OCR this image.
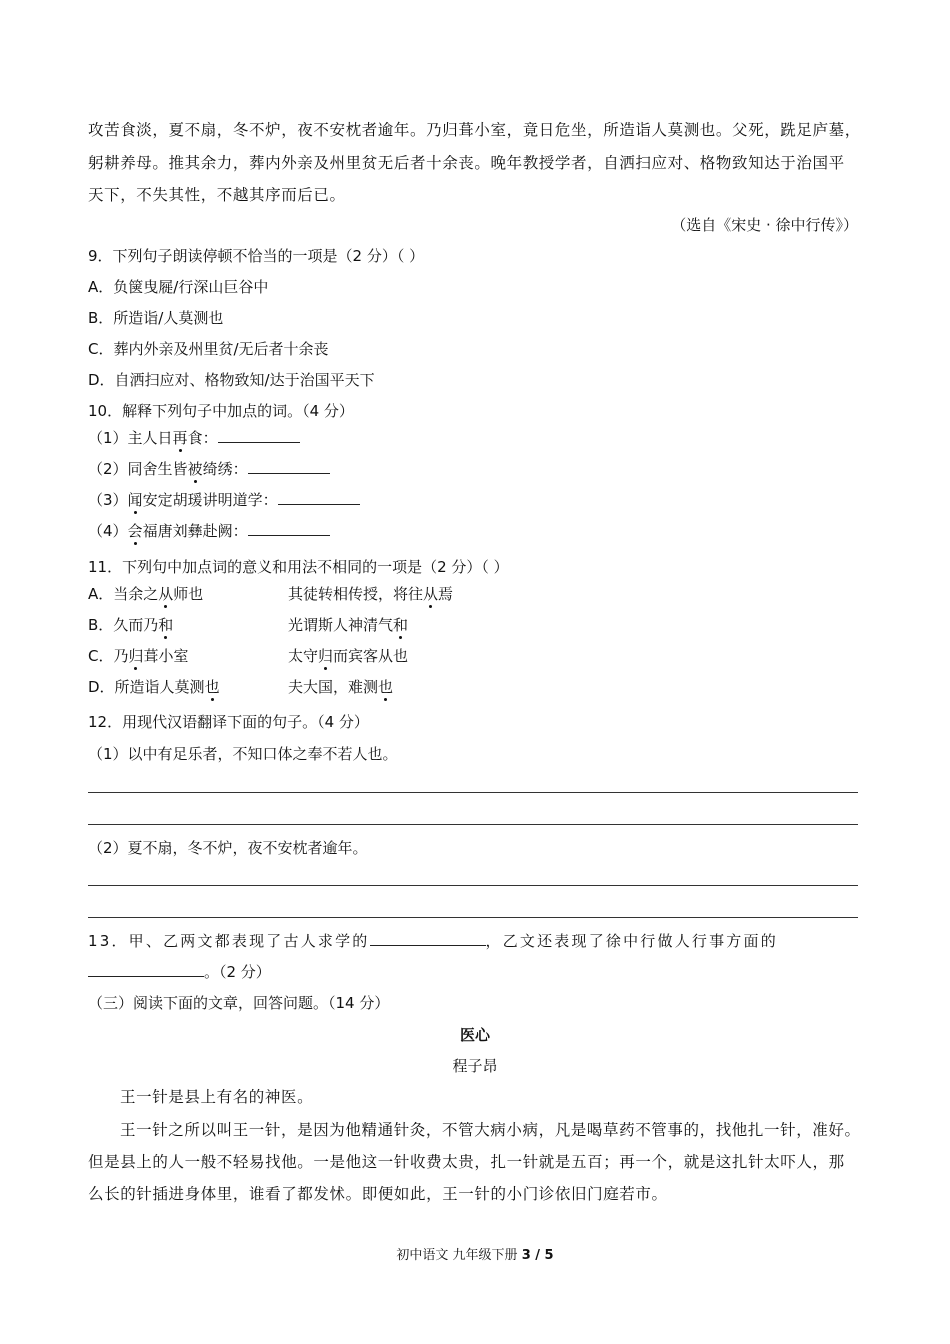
攻苦食淡，夏不扇，冬不炉，夜不安枕者逾年。乃归葺小室，竟日危坐，所造诣人莫测也。父死，跣足庐墓，
躬耕养母。推其余力，葬内外亲及州里贫无后者十余丧。晚年教授学者，自洒扫应对、格物致知达于治国平
天下，不失其性，不越其序而后已。
（选自《宋史 · 徐中行传》）
9．下列句子朗读停顿不恰当的一项是（2 分）（ ）
A．负箧曳屣/行深山巨谷中
B．所造诣/人莫测也
C．葬内外亲及州里贫/无后者十余丧
D．自洒扫应对、格物致知/达于治国平天下
10．解释下列句子中加点的词。（4 分）
（1）主人日再食：
（2）同舍生皆被绮绣：
（3）闻安定胡瑗讲明道学：
（4）会福唐刘彝赴阙：
11．下列句中加点词的意义和用法不相同的一项是（2 分）（ ）
A．当余之从师也	其徒转相传授，将往从焉
B．久而乃和	光谓斯人神清气和
C．乃归葺小室	太守归而宾客从也
D．所造诣人莫测也	夫大国，难测也
12．用现代汉语翻译下面的句子。（4 分）
（1）以中有足乐者，不知口体之奉不若人也。
（2）夏不扇，冬不炉，夜不安枕者逾年。
13．甲、乙两文都表现了古人求学的	，乙文还表现了徐中行做人行事方面的
。（2 分）
（三）阅读下面的文章，回答问题。（14 分）
医心
程子昂
王一针是县上有名的神医。
王一针之所以叫王一针，是因为他精通针灸，不管大病小病，凡是喝草药不管事的，找他扎一针，准好。
但是县上的人一般不轻易找他。一是他这一针收费太贵，扎一针就是五百；再一个，就是这扎针太吓人，那
么长的针插进身体里，谁看了都发怵。即便如此，王一针的小门诊依旧门庭若市。
初中语文 九年级下册 3 / 5
